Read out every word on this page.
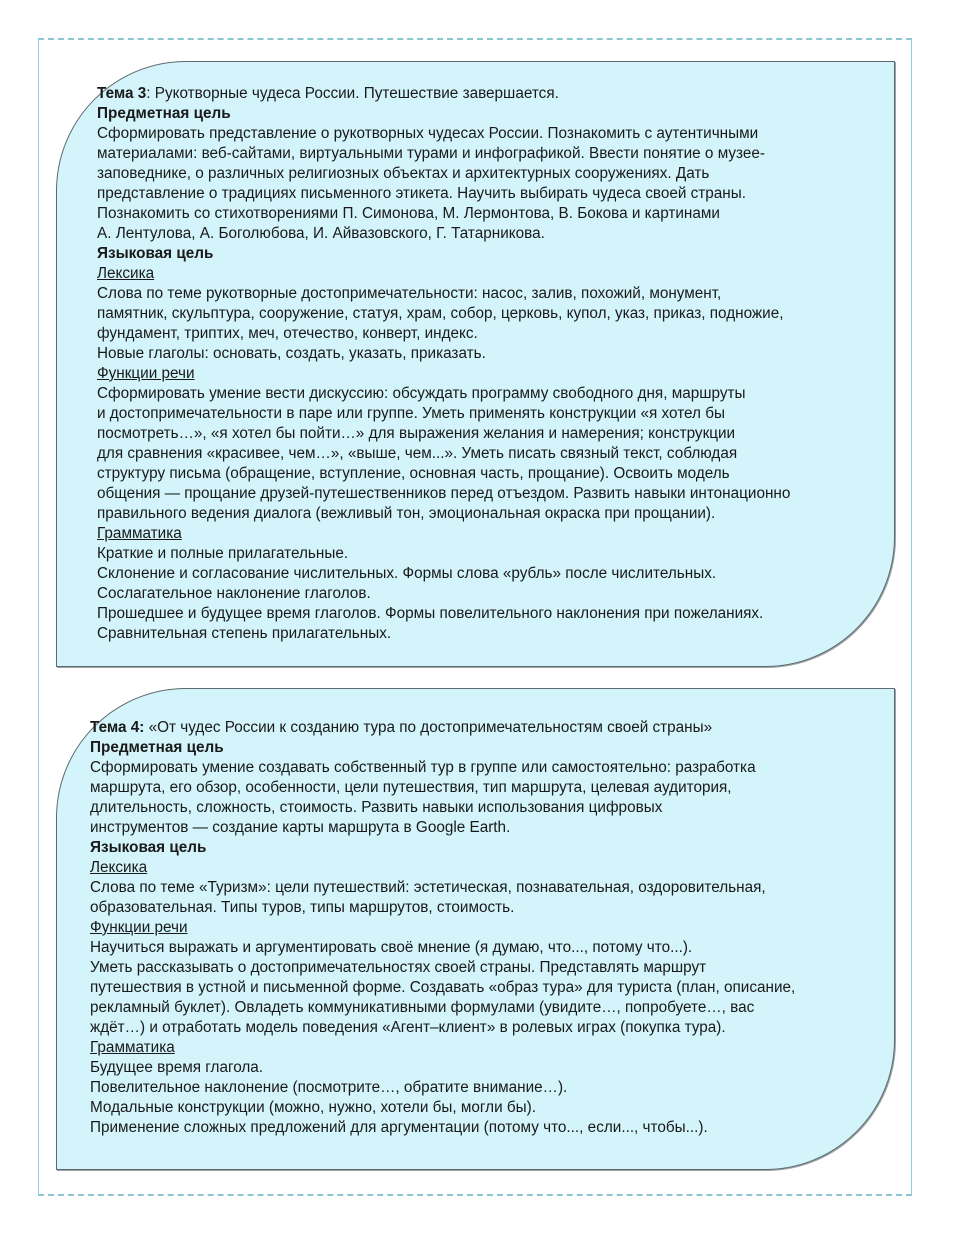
Тема 3: Рукотворные чудеса России. Путешествие завершается.

Предметная цель

Сформировать представление о рукотворных чудесах России. Познакомить с аутентичными

материалами: веб-сайтами, виртуальными турами и инфографикой. Ввести понятие о музее-

заповеднике, о различных религиозных объектах и архитектурных сооружениях. Дать

представление о традициях письменного этикета. Научить выбирать чудеса своей страны.

Познакомить со стихотворениями П. Симонова, М. Лермонтова, В. Бокова и картинами

А. Лентулова, А. Боголюбова, И. Айвазовского, Г. Татарникова.

Языковая цель

Лексика

Слова по теме рукотворные достопримечательности: насос, залив, похожий, монумент,

памятник, скульптура, сооружение, статуя, храм, собор, церковь, купол, указ, приказ, подножие,

фундамент, триптих, меч, отечество, конверт, индекс.

Новые глаголы: основать, создать, указать, приказать.

Функции речи

Сформировать умение вести дискуссию: обсуждать программу свободного дня, маршруты

и достопримечательности в паре или группе. Уметь применять конструкции «я хотел бы

посмотреть…», «я хотел бы пойти…» для выражения желания и намерения; конструкции

для сравнения «красивее, чем…», «выше, чем...». Уметь писать связный текст, соблюдая

структуру письма (обращение, вступление, основная часть, прощание). Освоить модель

общения — прощание друзей-путешественников перед отъездом. Развить навыки интонационно

правильного ведения диалога (вежливый тон, эмоциональная окраска при прощании).

Грамматика

Краткие и полные прилагательные.

Склонение и согласование числительных. Формы слова «рубль» после числительных.

Сослагательное наклонение глаголов.

Прошедшее и будущее время глаголов. Формы повелительного наклонения при пожеланиях.

Сравнительная степень прилагательных.

Тема 4: «От чудес России к созданию тура по достопримечательностям своей страны»

Предметная цель

Сформировать умение создавать собственный тур в группе или самостоятельно: разработка

маршрута, его обзор, особенности, цели путешествия, тип маршрута, целевая аудитория,

длительность, сложность, стоимость. Развить навыки использования цифровых

инструментов — создание карты маршрута в Google Earth.

Языковая цель

Лексика

Слова по теме «Туризм»: цели путешествий: эстетическая, познавательная, оздоровительная,

образовательная. Типы туров, типы маршрутов, стоимость.

Функции речи

Научиться выражать и аргументировать своё мнение (я думаю, что..., потому что...).

Уметь рассказывать о достопримечательностях своей страны. Представлять маршрут

путешествия в устной и письменной форме. Создавать «образ тура» для туриста (план, описание,

рекламный буклет). Овладеть коммуникативными формулами (увидите…, попробуете…, вас

ждёт…) и отработать модель поведения «Агент–клиент» в ролевых играх (покупка тура).

Грамматика

Будущее время глагола.

Повелительное наклонение (посмотрите…, обратите внимание…).

Модальные конструкции (можно, нужно, хотели бы, могли бы).

Применение сложных предложений для аргументации (потому что..., если..., чтобы...).
